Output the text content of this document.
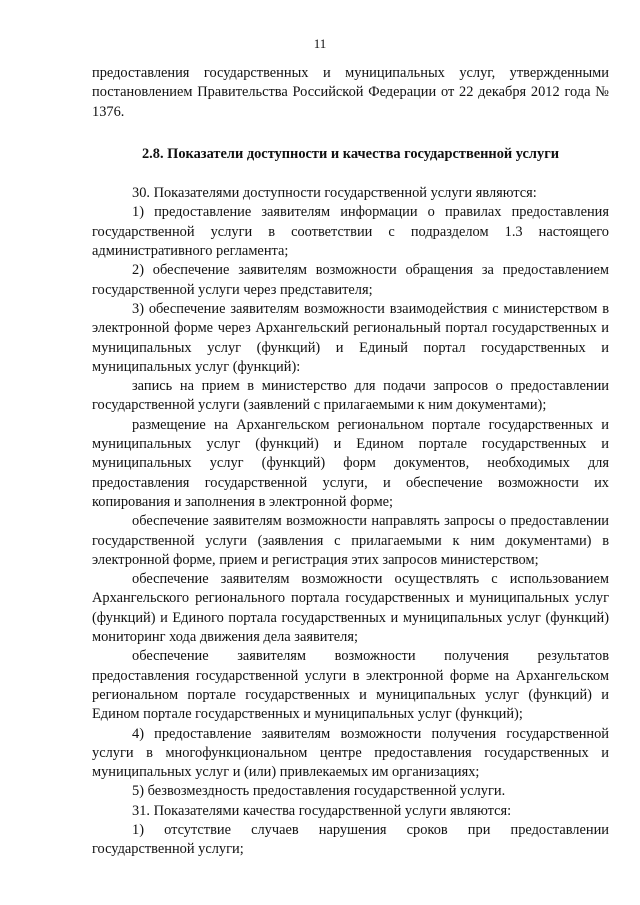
11

предоставления государственных и муниципальных услуг, утвержденными постановлением Правительства Российской Федерации от 22 декабря 2012 года № 1376.

2.8. Показатели доступности и качества государственной услуги

30. Показателями доступности государственной услуги являются:

1) предоставление заявителям информации о правилах предоставления государственной услуги в соответствии с подразделом 1.3 настоящего административного регламента;

2) обеспечение заявителям возможности обращения за предоставлением государственной услуги через представителя;

3) обеспечение заявителям возможности взаимодействия с министерством в электронной форме через Архангельский региональный портал государственных и муниципальных услуг (функций) и Единый портал государственных и муниципальных услуг (функций):

запись на прием в министерство для подачи запросов о предоставлении государственной услуги (заявлений с прилагаемыми к ним документами);

размещение на Архангельском региональном портале государственных и муниципальных услуг (функций) и Едином портале государственных и муниципальных услуг (функций) форм документов, необходимых для предоставления государственной услуги, и обеспечение возможности их копирования и заполнения в электронной форме;

обеспечение заявителям возможности направлять запросы о предоставлении государственной услуги (заявления с прилагаемыми к ним документами) в электронной форме, прием и регистрация этих запросов министерством;

обеспечение заявителям возможности осуществлять с использованием Архангельского регионального портала государственных и муниципальных услуг (функций) и Единого портала государственных и муниципальных услуг (функций) мониторинг хода движения дела заявителя;

обеспечение заявителям возможности получения результатов предоставления государственной услуги в электронной форме на Архангельском региональном портале государственных и муниципальных услуг (функций) и Едином портале государственных и муниципальных услуг (функций);

4) предоставление заявителям возможности получения государственной услуги в многофункциональном центре предоставления государственных и муниципальных услуг и (или) привлекаемых им организациях;

5) безвозмездность предоставления государственной услуги.

31. Показателями качества государственной услуги являются:

1) отсутствие случаев нарушения сроков при предоставлении государственной услуги;
